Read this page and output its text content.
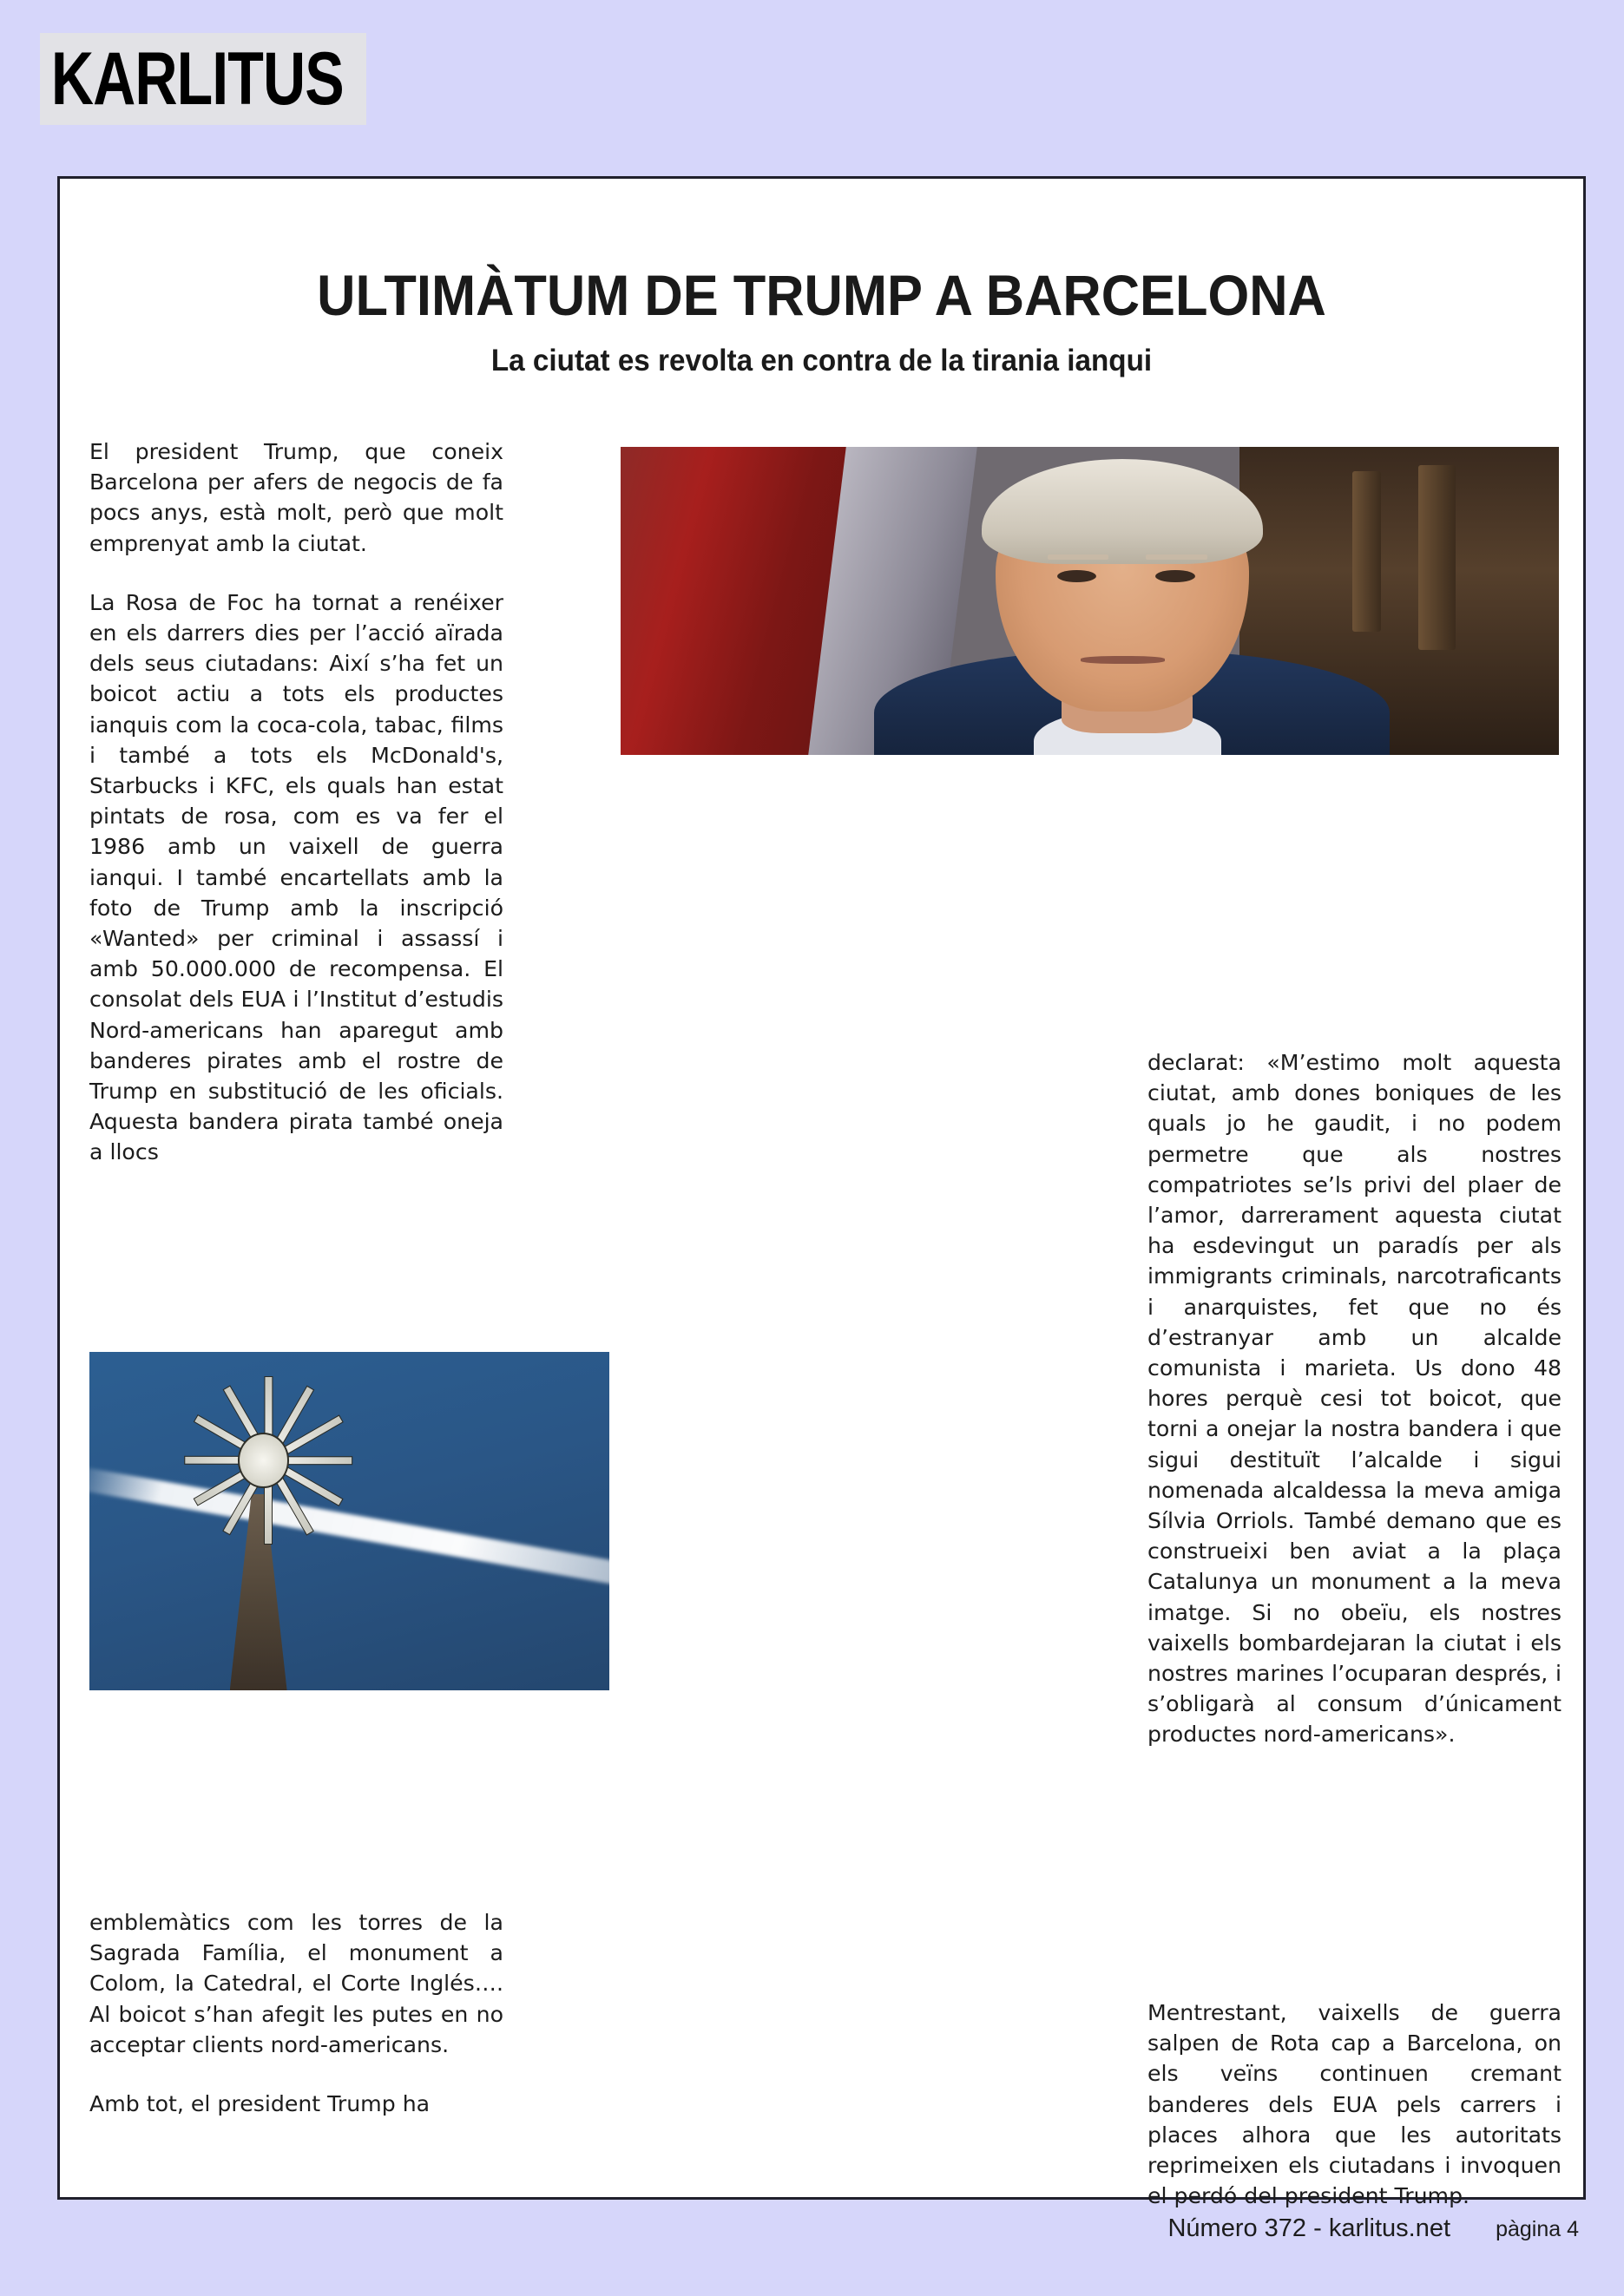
KARLITUS
ULTIMÀTUM DE TRUMP A BARCELONA
La ciutat es revolta en contra de la tirania ianqui

El president Trump, que coneix Barcelona per afers de negocis de fa pocs anys, està molt, però que molt emprenyat amb la ciutat.

La Rosa de Foc ha tornat a renéixer en els darrers dies per l’acció aïrada dels seus ciutadans: Així s’ha fet un boicot actiu a tots els productes ianquis com la coca-cola, tabac, films i també a tots els McDonald's, Starbucks i KFC, els quals han estat pintats de rosa, com es va fer el 1986 amb un vaixell de guerra ianqui. I també encartellats amb la foto de Trump amb la inscripció «Wanted» per criminal i assassí i amb 50.000.000 de recompensa. El consolat dels EUA i l’Institut d’estudis Nord-americans han aparegut amb banderes pirates amb el rostre de Trump en substitució de les oficials. Aquesta bandera pirata també oneja a llocs

emblemàtics com les torres de la Sagrada Família, el monument a Colom, la Catedral, el Corte Inglés…. Al boicot s’han afegit les putes en no acceptar clients nord-americans.

Amb tot, el president Trump ha

declarat: «M’estimo molt aquesta ciutat, amb dones boniques de les quals jo he gaudit, i no podem permetre que als nostres compatriotes se’ls privi del plaer de l’amor, darrerament aquesta ciutat ha esdevingut un paradís per als immigrants criminals, narcotraficants i anarquistes, fet que no és d’estranyar amb un alcalde comunista i marieta. Us dono 48 hores perquè cesi tot boicot, que torni a onejar la nostra bandera i que sigui destituït l’alcalde i sigui nomenada alcaldessa la meva amiga Sílvia Orriols. També demano que es construeixi ben aviat a la plaça Catalunya un monument a la meva imatge. Si no obeïu, els nostres vaixells bombardejaran la ciutat i els nostres marines l’ocuparan després, i s’obligarà al consum d’únicament productes nord-americans».

Mentrestant, vaixells de guerra salpen de Rota cap a Barcelona, on els veïns continuen cremant banderes dels EUA pels carrers i places alhora que les autoritats reprimeixen els ciutadans i invoquen el perdó del president Trump.

Número 372 - karlitus.net pàgina 4
